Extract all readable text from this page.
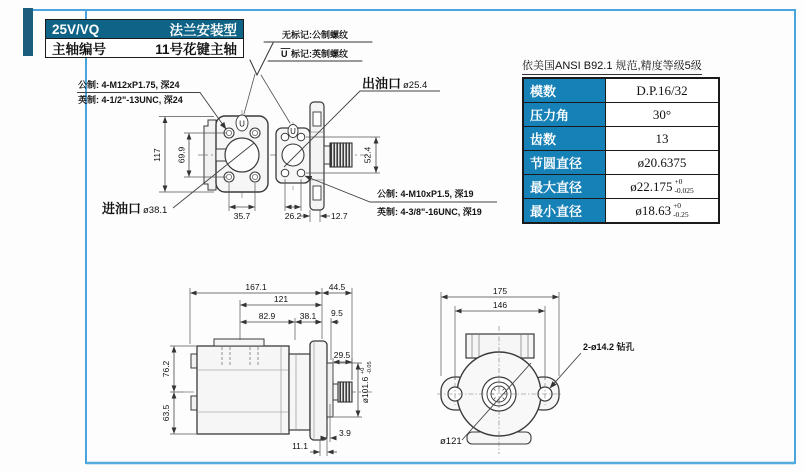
无标记:公制螺纹
U 标记:英制螺纹
U
U
117 69.9
35.7	26.2	12.7
52.4
出油口 ø25.4
进油口 ø38.1
公制: 4-M12xP1.75, 深24
英制: 4-1/2"-13UNC, 深24
公制: 4-M10xP1.5, 深19
英制: 4-3/8"-16UNC, 深19
167.1	44.5
121
82.9	38.1 9.5
76.2
63.5
29.5
ø101.6
+0 -0.05
11.1
3.9
175
146
2-ø14.2 钻孔
ø121
25V/VQ	法兰安装型
主轴编号	11号花键主轴
依美国ANSI B92.1 规范,精度等级5级
模数	D.P.16/32
压力角	30°
齿数	13
节圆直径	ø20.6375
最大直径	ø22.175 +0
-0.025
最小直径	ø18.63 +0
-0.25
